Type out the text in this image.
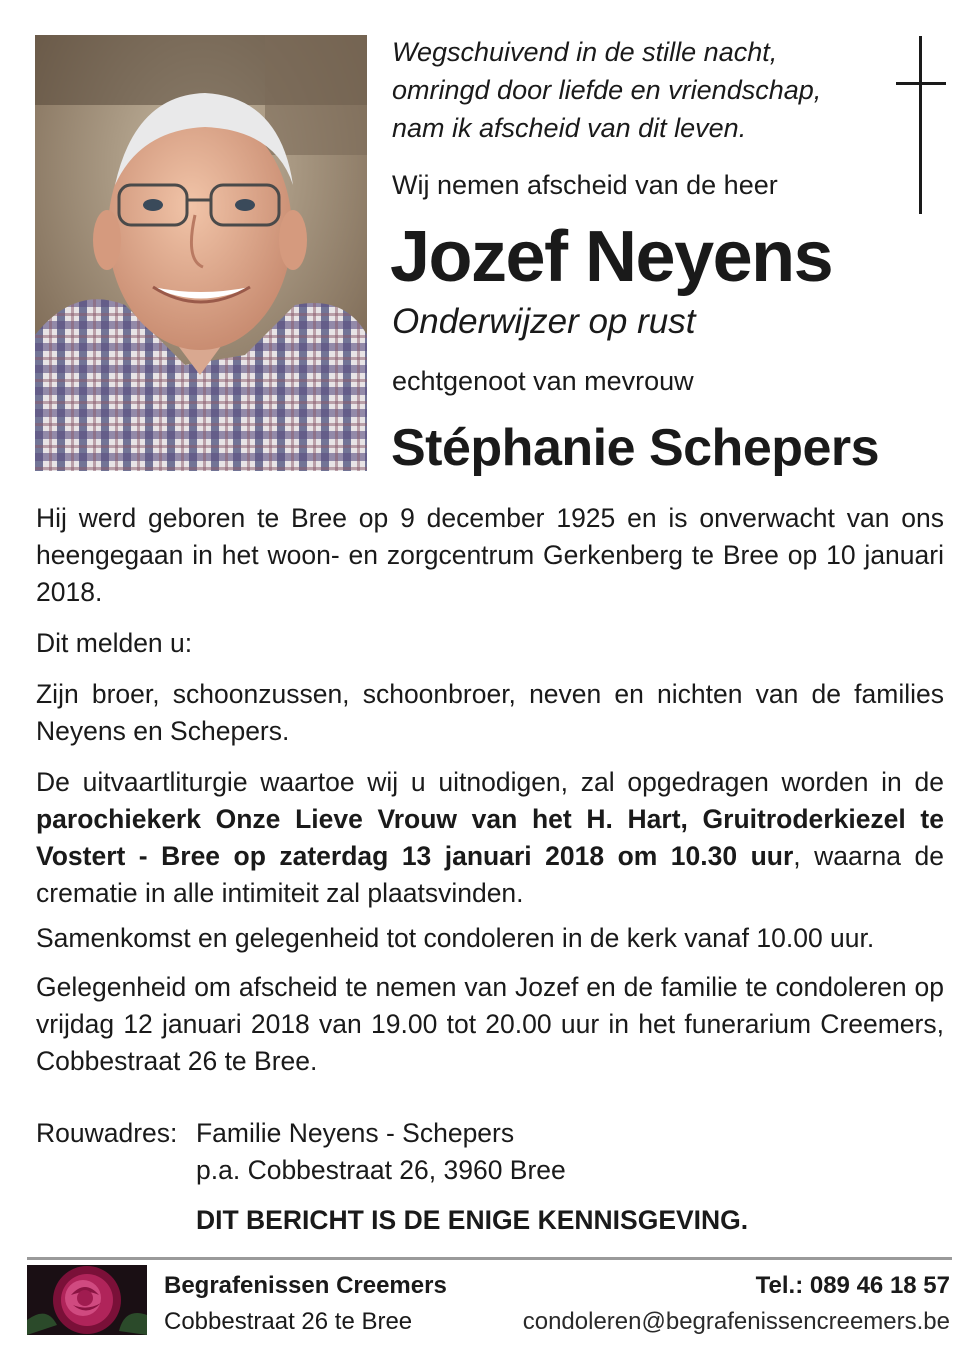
Wegschuivend in de stille nacht,
omringd door liefde en vriendschap,
nam ik afscheid van dit leven.
Wij nemen afscheid van de heer
Jozef Neyens
Onderwijzer op rust
echtgenoot van mevrouw
Stéphanie Schepers

Hij werd geboren te Bree op 9 december 1925 en is onverwacht van ons heengegaan in het woon- en zorgcentrum Gerkenberg te Bree op 10 januari 2018.

Dit melden u:

Zijn broer, schoonzussen, schoonbroer, neven en nichten van de families Neyens en Schepers.

De uitvaartliturgie waartoe wij u uitnodigen, zal opgedragen worden in de parochiekerk Onze Lieve Vrouw van het H. Hart, Gruitroderkiezel te Vostert - Bree op zaterdag 13 januari 2018 om 10.30 uur, waarna de crematie in alle intimiteit zal plaatsvinden.

Samenkomst en gelegenheid tot condoleren in de kerk vanaf 10.00 uur.

Gelegenheid om afscheid te nemen van Jozef en de familie te condoleren op vrijdag 12 januari 2018 van 19.00 tot 20.00 uur in het funerarium Creemers, Cobbestraat 26 te Bree.

Rouwadres: Familie Neyens - Schepers
p.a. Cobbestraat 26, 3960 Bree
DIT BERICHT IS DE ENIGE KENNISGEVING.
Begrafenissen Creemers
Cobbestraat 26 te Bree
Tel.: 089 46 18 57
condoleren@begrafenissencreemers.be
